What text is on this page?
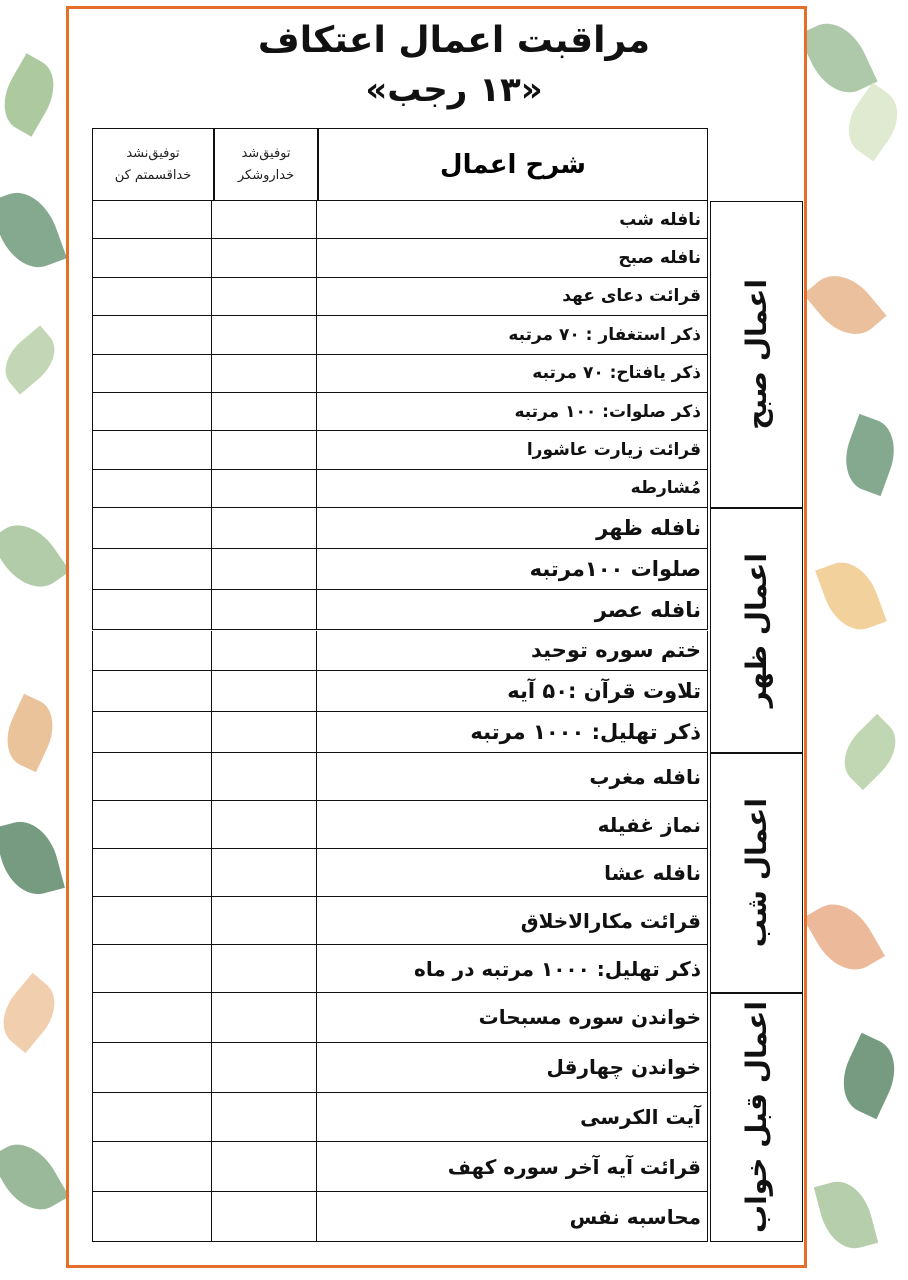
مراقبت اعمال اعتکاف
«۱۳ رجب»
شرح اعمال
توفیق‌شد
خداروشکر
توفیق‌نشد
خداقسمتم کن
نافله شب
نافله صبح
قرائت دعای عهد
ذکر استغفار : ۷۰ مرتبه
ذکر یافتاح: ۷۰ مرتبه
ذکر صلوات: ۱۰۰ مرتبه
قرائت زیارت عاشورا
مُشارطه
نافله ظهر
صلوات ۱۰۰مرتبه
نافله عصر
ختم سوره توحید
تلاوت قرآن :۵۰ آیه
ذکر تهلیل: ۱۰۰۰ مرتبه
نافله مغرب
نماز غفیله
نافله عشا
قرائت مکارالاخلاق
ذکر تهلیل: ۱۰۰۰ مرتبه در ماه
خواندن سوره مسبحات
خواندن چهارقل
آیت الکرسی
قرائت آیه آخر سوره کهف
محاسبه نفس
اعمال صبح
اعمال ظهر
اعمال شب
اعمال قبل خواب
